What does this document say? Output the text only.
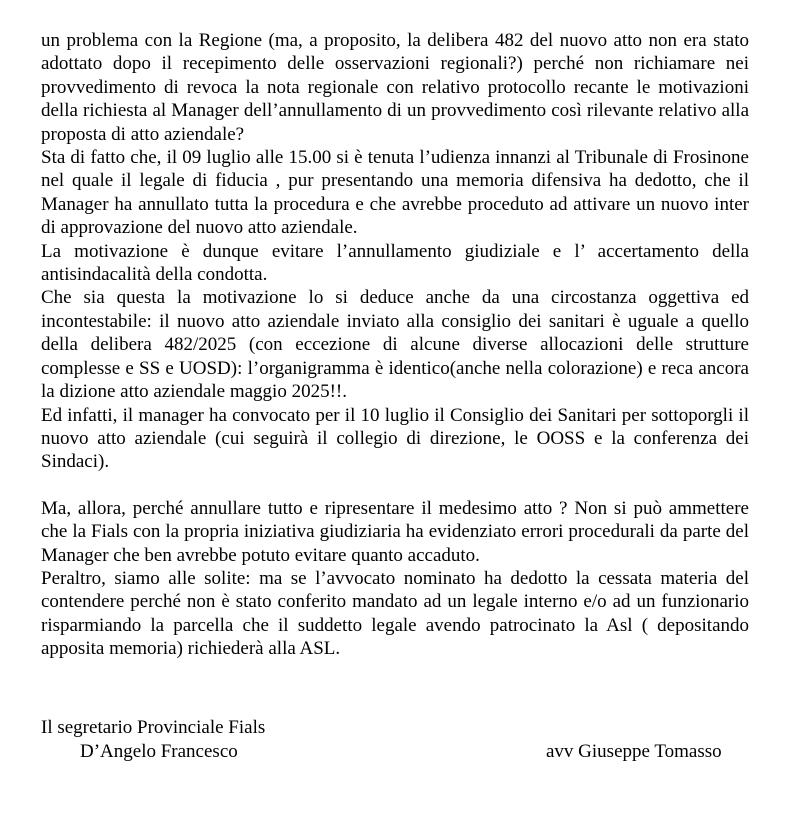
un problema con la Regione (ma, a proposito, la delibera 482 del nuovo atto non era stato adottato dopo il recepimento delle osservazioni regionali?) perché non richiamare nei provvedimento di revoca la nota regionale con relativo protocollo recante le motivazioni della richiesta al Manager dell’annullamento di un provvedimento così rilevante relativo alla proposta di atto aziendale?

Sta di fatto che, il 09 luglio alle 15.00 si è tenuta l’udienza innanzi al Tribunale di Frosinone nel quale il legale di fiducia , pur presentando una memoria difensiva ha dedotto, che il Manager ha annullato tutta la procedura e che avrebbe proceduto ad attivare un nuovo inter di approvazione del nuovo atto aziendale.

La motivazione è dunque evitare l’annullamento giudiziale e l’ accertamento della antisindacalità della condotta.

Che sia questa la motivazione lo si deduce anche da una circostanza oggettiva ed incontestabile: il nuovo atto aziendale inviato alla consiglio dei sanitari è uguale a quello della delibera 482/2025 (con eccezione di alcune diverse allocazioni delle strutture complesse e SS e UOSD): l’organigramma è identico(anche nella colorazione) e reca ancora la dizione atto aziendale maggio 2025!!.

Ed infatti, il manager ha convocato per il 10 luglio il Consiglio dei Sanitari per sottoporgli il nuovo atto aziendale (cui seguirà il collegio di direzione, le OOSS e la conferenza dei Sindaci).

Ma, allora, perché annullare tutto e ripresentare il medesimo atto ? Non si può ammettere che la Fials con la propria iniziativa giudiziaria ha evidenziato errori procedurali da parte del Manager che ben avrebbe potuto evitare quanto accaduto.

Peraltro, siamo alle solite: ma se l’avvocato nominato ha dedotto la cessata materia del contendere perché non è stato conferito mandato ad un legale interno e/o ad un funzionario risparmiando la parcella che il suddetto legale avendo patrocinato la Asl ( depositando apposita memoria) richiederà alla ASL.

Il segretario Provinciale Fials
D’Angelo Francesco	avv Giuseppe Tomasso
